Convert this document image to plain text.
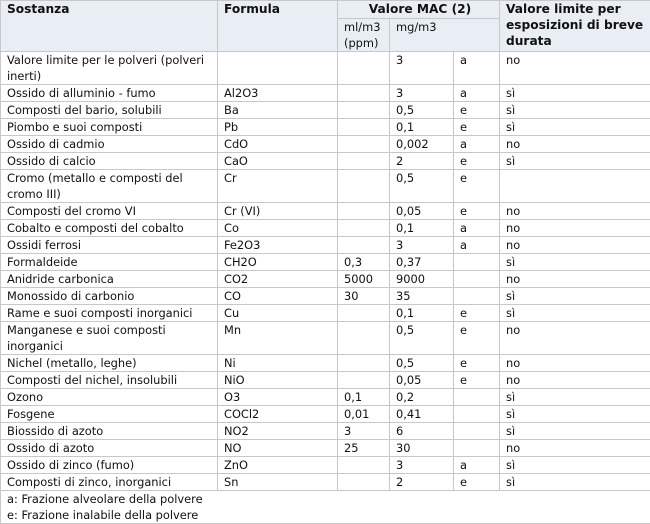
Sostanza	Formula	Valore MAC (2)			Valore limite per esposizioni di breve durata
		ml/m3 (ppm)	mg/m3		
Valore limite per le polveri (polveri inerti)			3	a	no
Ossido di alluminio - fumo	Al2O3		3	a	sì
Composti del bario, solubili	Ba		0,5	e	sì
Piombo e suoi composti	Pb		0,1	e	sì
Ossido di cadmio	CdO		0,002	a	no
Ossido di calcio	CaO		2	e	sì
Cromo (metallo e composti del cromo III)	Cr		0,5	e	
Composti del cromo VI	Cr (VI)		0,05	e	no
Cobalto e composti del cobalto	Co		0,1	a	no
Ossidi ferrosi	Fe2O3		3	a	no
Formaldeide	CH2O	0,3	0,37		sì
Anidride carbonica	CO2	5000	9000		no
Monossido di carbonio	CO	30	35		sì
Rame e suoi composti inorganici	Cu		0,1	e	sì
Manganese e suoi composti inorganici	Mn		0,5	e	no
Nichel (metallo, leghe)	Ni		0,5	e	no
Composti del nichel, insolubili	NiO		0,05	e	no
Ozono	O3	0,1	0,2		sì
Fosgene	COCl2	0,01	0,41		sì
Biossido di azoto	NO2	3	6		sì
Ossido di azoto	NO	25	30		no
Ossido di zinco (fumo)	ZnO		3	a	sì
Composti di zinco, inorganici	Sn		2	e	sì
a: Frazione alveolare della polvere					
e: Frazione inalabile della polvere					
